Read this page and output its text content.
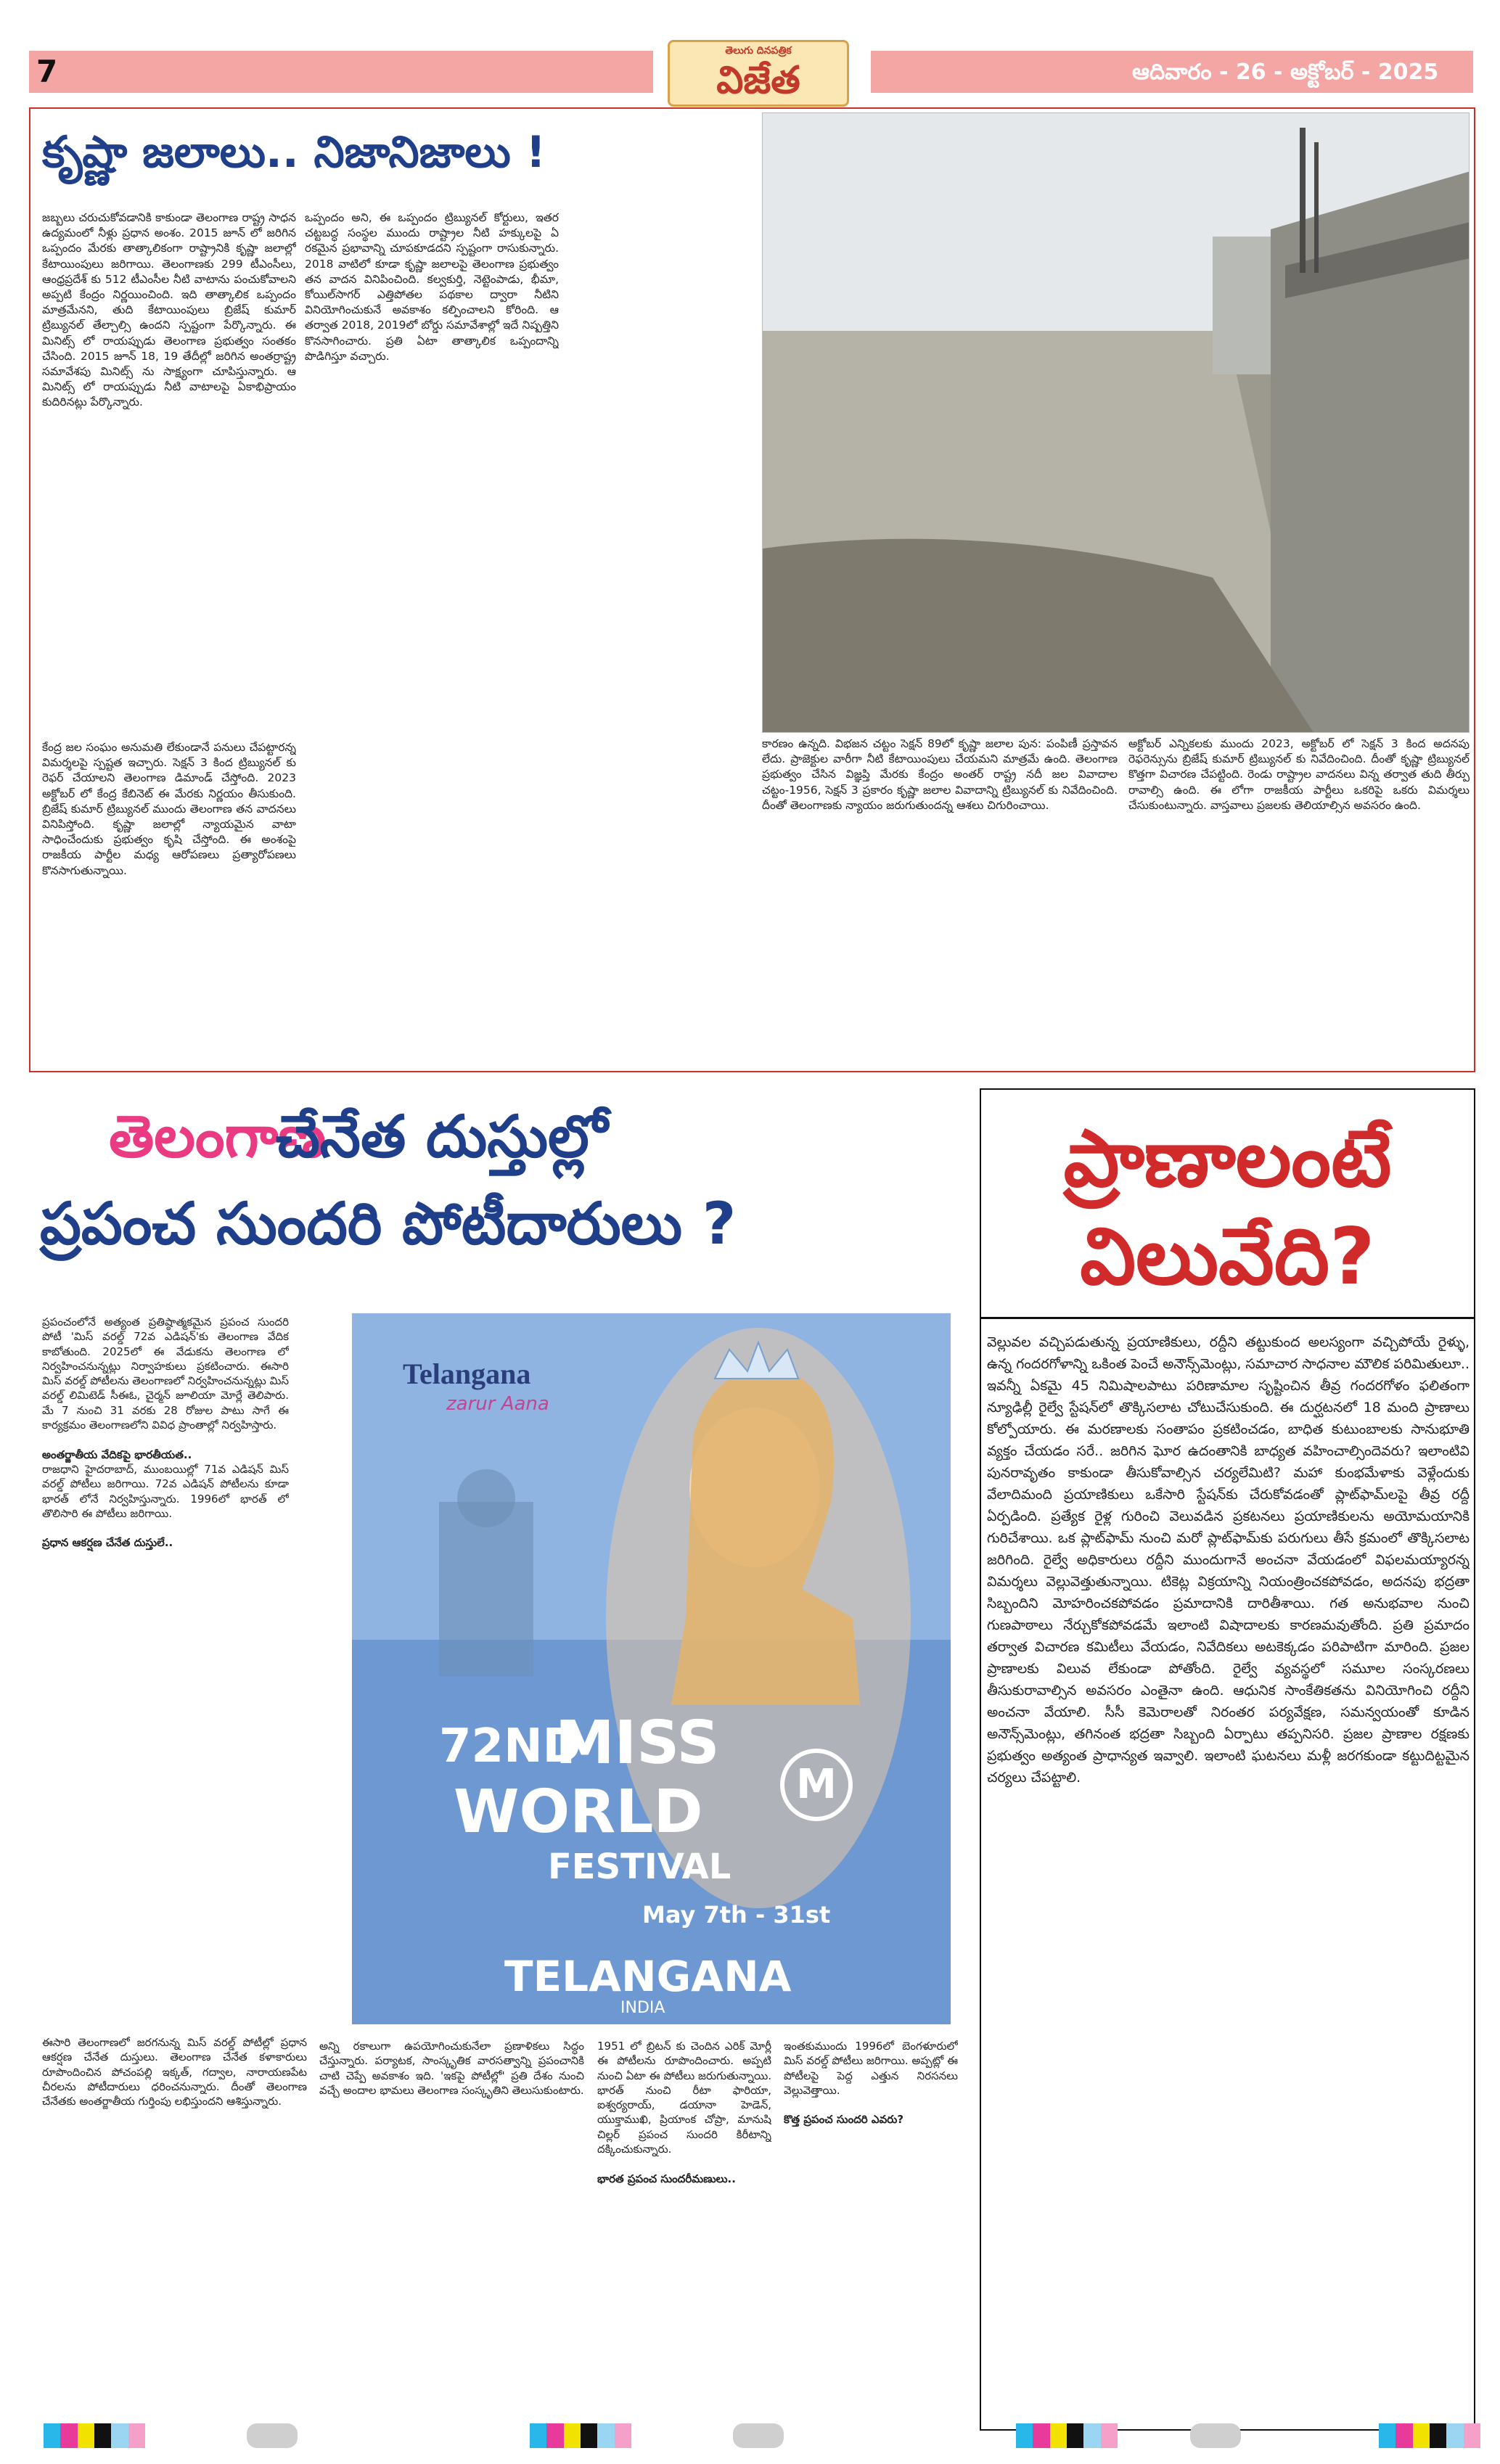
7
తెలుగు దినపత్రిక
విజేత	ఆదివారం - 26 - అక్టోబర్ - 2025
కృష్ణా జలాలు.. నిజానిజాలు !
జబ్బలు చరుచుకోవడానికి కాకుండా తెలంగాణ రాష్ట్ర సాధన ఉద్యమంలో నీళ్లు ప్రధాన అంశం. 2015 జూన్ లో జరిగిన ఒప్పందం మేరకు తాత్కాలికంగా రాష్ట్రానికి కృష్ణా జలాల్లో కేటాయింపులు జరిగాయి. తెలంగాణకు 299 టీఎంసీలు, ఆంధ్రప్రదేశ్ కు 512 టీఎంసీల నీటి వాటాను పంచుకోవాలని అప్పటి కేంద్రం నిర్ణయించింది. ఇది తాత్కాలిక ఒప్పందం మాత్రమేనని, తుది కేటాయింపులు బ్రిజేష్ కుమార్ ట్రిబ్యునల్ తేల్చాల్సి ఉందని స్పష్టంగా పేర్కొన్నారు. ఈ మినిట్స్ లో రాయప్పుడు తెలంగాణ ప్రభుత్వం సంతకం చేసింది. 2015 జూన్ 18, 19 తేదీల్లో జరిగిన అంతర్రాష్ట్ర సమావేశపు మినిట్స్ ను సాక్ష్యంగా చూపిస్తున్నారు. ఆ మినిట్స్ లో రాయప్పుడు నీటి వాటాలపై ఏకాభిప్రాయం కుదిరినట్లు పేర్కొన్నారు.
ఒప్పందం అని, ఈ ఒప్పందం ట్రిబ్యునల్ కోర్టులు, ఇతర చట్టబద్ధ సంస్థల ముందు రాష్ట్రాల నీటి హక్కులపై ఏ రకమైన ప్రభావాన్ని చూపకూడదని స్పష్టంగా రాసుకున్నారు. 2018 వాటిలో కూడా కృష్ణా జలాలపై తెలంగాణ ప్రభుత్వం తన వాదన వినిపించింది. కల్వకుర్తి, నెట్టెంపాడు, భీమా, కోయిల్‌సాగర్ ఎత్తిపోతల పథకాల ద్వారా నీటిని వినియోగించుకునే అవకాశం కల్పించాలని కోరింది. ఆ తర్వాత 2018, 2019లో బోర్డు సమావేశాల్లో ఇదే నిష్పత్తిని కొనసాగించారు. ప్రతి ఏటా తాత్కాలిక ఒప్పందాన్ని పొడిగిస్తూ వచ్చారు.
కేంద్ర జల సంఘం అనుమతి లేకుండానే పనులు చేపట్టారన్న విమర్శలపై స్పష్టత ఇచ్చారు. సెక్షన్ 3 కింద ట్రిబ్యునల్ కు రెఫర్ చేయాలని తెలంగాణ డిమాండ్ చేస్తోంది. 2023 అక్టోబర్ లో కేంద్ర కేబినెట్ ఈ మేరకు నిర్ణయం తీసుకుంది. బ్రిజేష్ కుమార్ ట్రిబ్యునల్ ముందు తెలంగాణ తన వాదనలు వినిపిస్తోంది. కృష్ణా జలాల్లో న్యాయమైన వాటా సాధించేందుకు ప్రభుత్వం కృషి చేస్తోంది. ఈ అంశంపై రాజకీయ పార్టీల మధ్య ఆరోపణలు ప్రత్యారోపణలు కొనసాగుతున్నాయి.
కారణం ఉన్నది. విభజన చట్టం సెక్షన్ 89లో కృష్ణా జలాల పున: పంపిణీ ప్రస్తావన లేదు. ప్రాజెక్టుల వారీగా నీటి కేటాయింపులు చేయమని మాత్రమే ఉంది. తెలంగాణ ప్రభుత్వం చేసిన విజ్ఞప్తి మేరకు కేంద్రం అంతర్ రాష్ట్ర నదీ జల వివాదాల చట్టం-1956, సెక్షన్ 3 ప్రకారం కృష్ణా జలాల వివాదాన్ని ట్రిబ్యునల్ కు నివేదించింది. దీంతో తెలంగాణకు న్యాయం జరుగుతుందన్న ఆశలు చిగురించాయి.
అక్టోబర్ ఎన్నికలకు ముందు 2023, అక్టోబర్ లో సెక్షన్ 3 కింద అదనపు రెఫరెన్సును బ్రిజేష్ కుమార్ ట్రిబ్యునల్ కు నివేదించింది. దీంతో కృష్ణా ట్రిబ్యునల్ కొత్తగా విచారణ చేపట్టింది. రెండు రాష్ట్రాల వాదనలు విన్న తర్వాత తుది తీర్పు రావాల్సి ఉంది. ఈ లోగా రాజకీయ పార్టీలు ఒకరిపై ఒకరు విమర్శలు చేసుకుంటున్నారు. వాస్తవాలు ప్రజలకు తెలియాల్సిన అవసరం ఉంది.
తెలంగాణ
చేనేత దుస్తుల్లో
ప్రపంచ సుందరి పోటీదారులు ?
ప్రపంచంలోనే అత్యంత ప్రతిష్ఠాత్మకమైన ప్రపంచ సుందరి పోటీ 'మిస్ వరల్డ్ 72వ ఎడిషన్'కు తెలంగాణ వేదిక కాబోతుంది. 2025లో ఈ వేడుకను తెలంగాణ లో నిర్వహించనున్నట్లు నిర్వాహకులు ప్రకటించారు. ఈసారి మిస్ వరల్డ్ పోటీలను తెలంగాణలో నిర్వహించనున్నట్లు మిస్ వరల్డ్ లిమిటెడ్ సీఈఓ, చైర్మన్ జూలియా మోర్లే తెలిపారు. మే 7 నుంచి 31 వరకు 28 రోజుల పాటు సాగే ఈ కార్యక్రమం తెలంగాణలోని వివిధ ప్రాంతాల్లో నిర్వహిస్తారు.

అంతర్జాతీయ వేదికపై భారతీయత..
రాజధాని హైదరాబాద్, ముంబయిల్లో 71వ ఎడిషన్ మిస్ వరల్డ్ పోటీలు జరిగాయి. 72వ ఎడిషన్ పోటీలను కూడా భారత్ లోనే నిర్వహిస్తున్నారు. 1996లో భారత్ లో తొలిసారి ఈ పోటీలు జరిగాయి.

ప్రధాన ఆకర్షణ చేనేత దుస్తులే..
Telangana
zarur Aana
72ND
MISS
WORLD	M
FESTIVAL
May 7th - 31st
TELANGANA
INDIA
ఈసారి తెలంగాణలో జరగనున్న మిస్ వరల్డ్ పోటీల్లో ప్రధాన ఆకర్షణ చేనేత దుస్తులు. తెలంగాణ చేనేత కళాకారులు రూపొందించిన పోచంపల్లి ఇక్కత్, గద్వాల, నారాయణపేట చీరలను పోటీదారులు ధరించనున్నారు. దీంతో తెలంగాణ చేనేతకు అంతర్జాతీయ గుర్తింపు లభిస్తుందని ఆశిస్తున్నారు.
అన్ని రకాలుగా ఉపయోగించుకునేలా ప్రణాళికలు సిద్ధం చేస్తున్నారు. పర్యాటక, సాంస్కృతిక వారసత్వాన్ని ప్రపంచానికి చాటి చెప్పే అవకాశం ఇది. 'ఇకపై పోటీల్లో' ప్రతి దేశం నుంచి వచ్చే అందాల భామలు తెలంగాణ సంస్కృతిని తెలుసుకుంటారు.
1951 లో బ్రిటన్ కు చెందిన ఎరిక్ మోర్లీ ఈ పోటీలను రూపొందించారు. అప్పటి నుంచి ఏటా ఈ పోటీలు జరుగుతున్నాయి. భారత్ నుంచి రీటా ఫారియా, ఐశ్వర్యరాయ్, డయానా హెడెన్, యుక్తాముఖి, ప్రియాంక చోప్రా, మానుషి చిల్లర్ ప్రపంచ సుందరి కిరీటాన్ని దక్కించుకున్నారు.

భారత ప్రపంచ సుందరీమణులు..
ఇంతకుముందు 1996లో బెంగళూరులో మిస్ వరల్డ్ పోటీలు జరిగాయి. అప్పట్లో ఈ పోటీలపై పెద్ద ఎత్తున నిరసనలు వెల్లువెత్తాయి.

కొత్త ప్రపంచ సుందరి ఎవరు?
ప్రాణాలంటే
విలువేది?
వెల్లువల వచ్చిపడుతున్న ప్రయాణికులు, రద్దీని తట్టుకుంద అలస్యంగా వచ్చిపోయే రైళ్ళు, ఉన్న గందరగోళాన్ని ఒకింత పెంచే అనౌన్స్‌మెంట్లు, సమాచార సాధనాల మౌలిక పరిమితులూ.. ఇవన్నీ ఏకమై 45 నిమిషాలపాటు పరిణామాల సృష్టించిన తీవ్ర గందరగోళం ఫలితంగా న్యూఢిల్లీ రైల్వే స్టేషన్‌లో తొక్కిసలాట చోటుచేసుకుంది. ఈ దుర్ఘటనలో 18 మంది ప్రాణాలు కోల్పోయారు. ఈ మరణాలకు సంతాపం ప్రకటించడం, బాధిత కుటుంబాలకు సానుభూతి వ్యక్తం చేయడం సరే.. జరిగిన ఘోర ఉదంతానికి బాధ్యత వహించాల్సిందెవరు? ఇలాంటివి పునరావృతం కాకుండా తీసుకోవాల్సిన చర్యలేమిటి? మహా కుంభమేళాకు వెళ్లేందుకు వేలాదిమంది ప్రయాణికులు ఒకేసారి స్టేషన్‌కు చేరుకోవడంతో ప్లాట్‌ఫామ్‌లపై తీవ్ర రద్దీ ఏర్పడింది. ప్రత్యేక రైళ్ల గురించి వెలువడిన ప్రకటనలు ప్రయాణికులను అయోమయానికి గురిచేశాయి. ఒక ప్లాట్‌ఫామ్ నుంచి మరో ప్లాట్‌ఫామ్‌కు పరుగులు తీసే క్రమంలో తొక్కిసలాట జరిగింది. రైల్వే అధికారులు రద్దీని ముందుగానే అంచనా వేయడంలో విఫలమయ్యారన్న విమర్శలు వెల్లువెత్తుతున్నాయి. టికెట్ల విక్రయాన్ని నియంత్రించకపోవడం, అదనపు భద్రతా సిబ్బందిని మోహరించకపోవడం ప్రమాదానికి దారితీశాయి. గత అనుభవాల నుంచి గుణపాఠాలు నేర్చుకోకపోవడమే ఇలాంటి విషాదాలకు కారణమవుతోంది. ప్రతి ప్రమాదం తర్వాత విచారణ కమిటీలు వేయడం, నివేదికలు అటకెక్కడం పరిపాటిగా మారింది. ప్రజల ప్రాణాలకు విలువ లేకుండా పోతోంది. రైల్వే వ్యవస్థలో సమూల సంస్కరణలు తీసుకురావాల్సిన అవసరం ఎంతైనా ఉంది. ఆధునిక సాంకేతికతను వినియోగించి రద్దీని అంచనా వేయాలి. సీసీ కెమెరాలతో నిరంతర పర్యవేక్షణ, సమన్వయంతో కూడిన అనౌన్స్‌మెంట్లు, తగినంత భద్రతా సిబ్బంది ఏర్పాటు తప్పనిసరి. ప్రజల ప్రాణాల రక్షణకు ప్రభుత్వం అత్యంత ప్రాధాన్యత ఇవ్వాలి. ఇలాంటి ఘటనలు మళ్లీ జరగకుండా కట్టుదిట్టమైన చర్యలు చేపట్టాలి.
